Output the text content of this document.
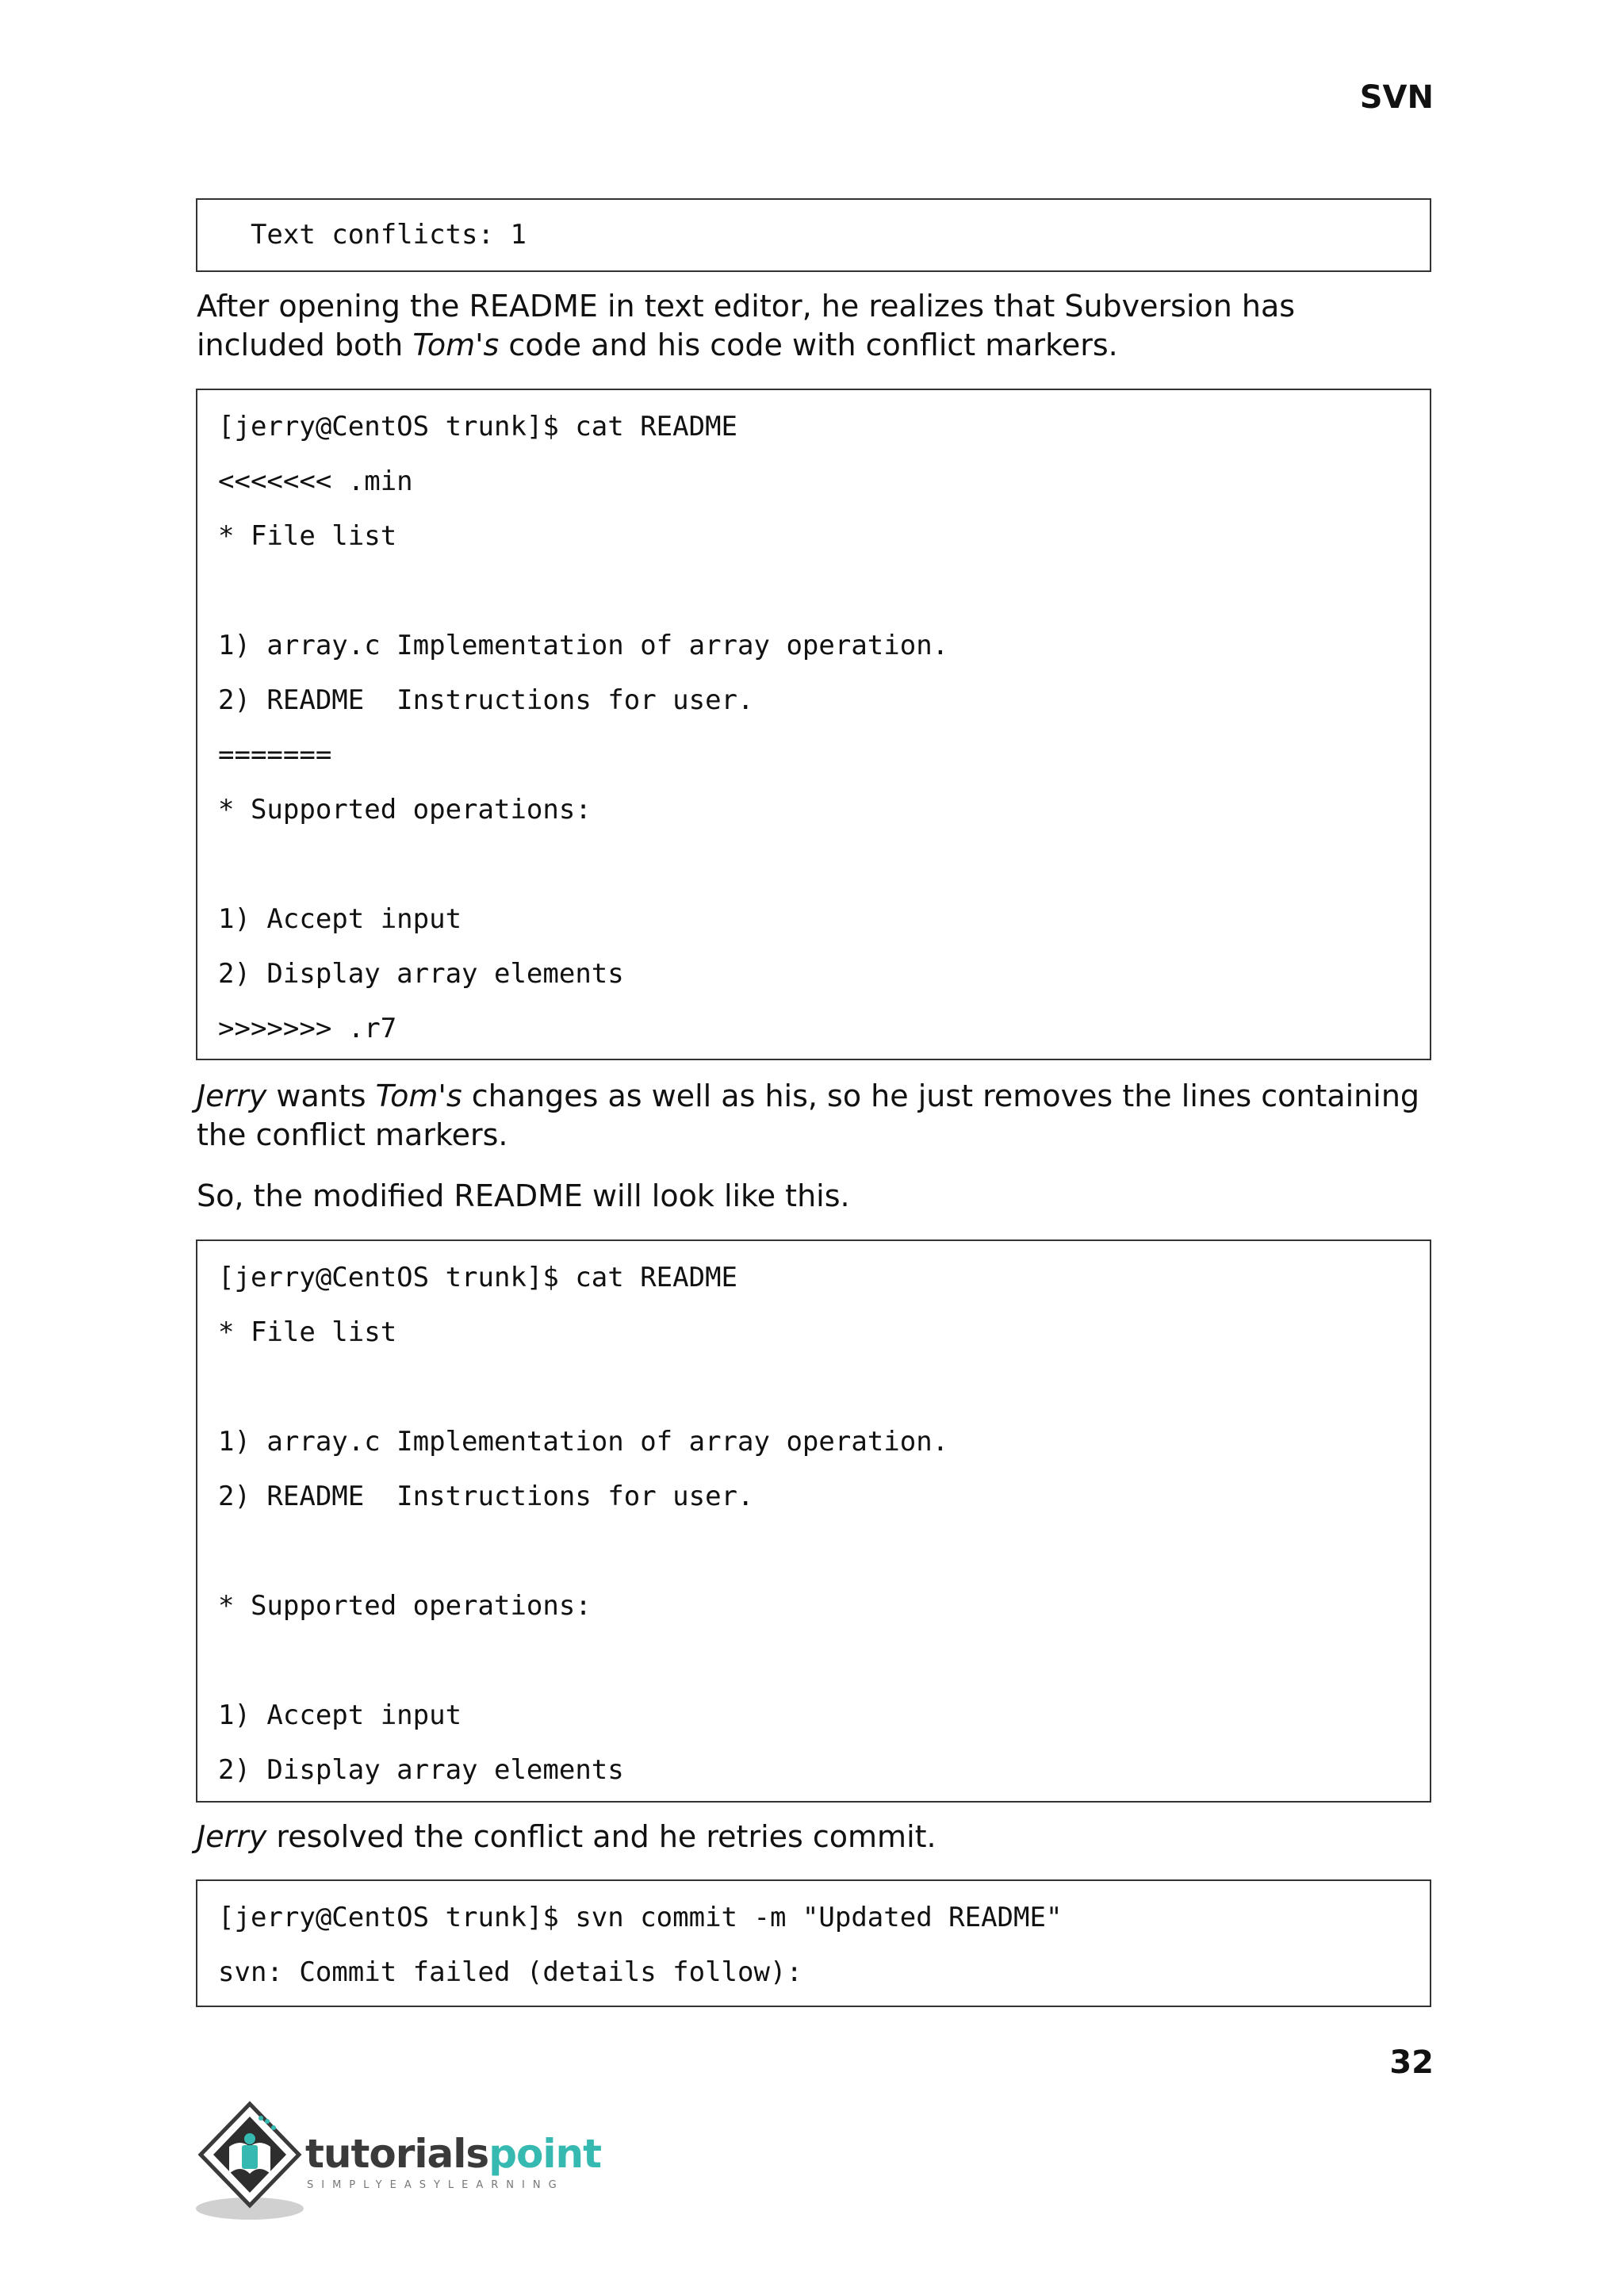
SVN
Text conflicts: 1
After opening the README in text editor, he realizes that Subversion has
included both Tom's code and his code with conflict markers.
[jerry@CentOS trunk]$ cat README
<<<<<<< .min
* File list
1) array.c Implementation of array operation.
2) README  Instructions for user.
=======
* Supported operations:
1) Accept input
2) Display array elements
>>>>>>> .r7
Jerry wants Tom's changes as well as his, so he just removes the lines containing the conflict markers.
So, the modified README will look like this.
[jerry@CentOS trunk]$ cat README
* File list
1) array.c Implementation of array operation.
2) README  Instructions for user.
* Supported operations:
1) Accept input
2) Display array elements
Jerry resolved the conflict and he retries commit.
[jerry@CentOS trunk]$ svn commit -m "Updated README"
svn: Commit failed (details follow):
32
tutorialspoint
SIMPLYEASYLEARNING
